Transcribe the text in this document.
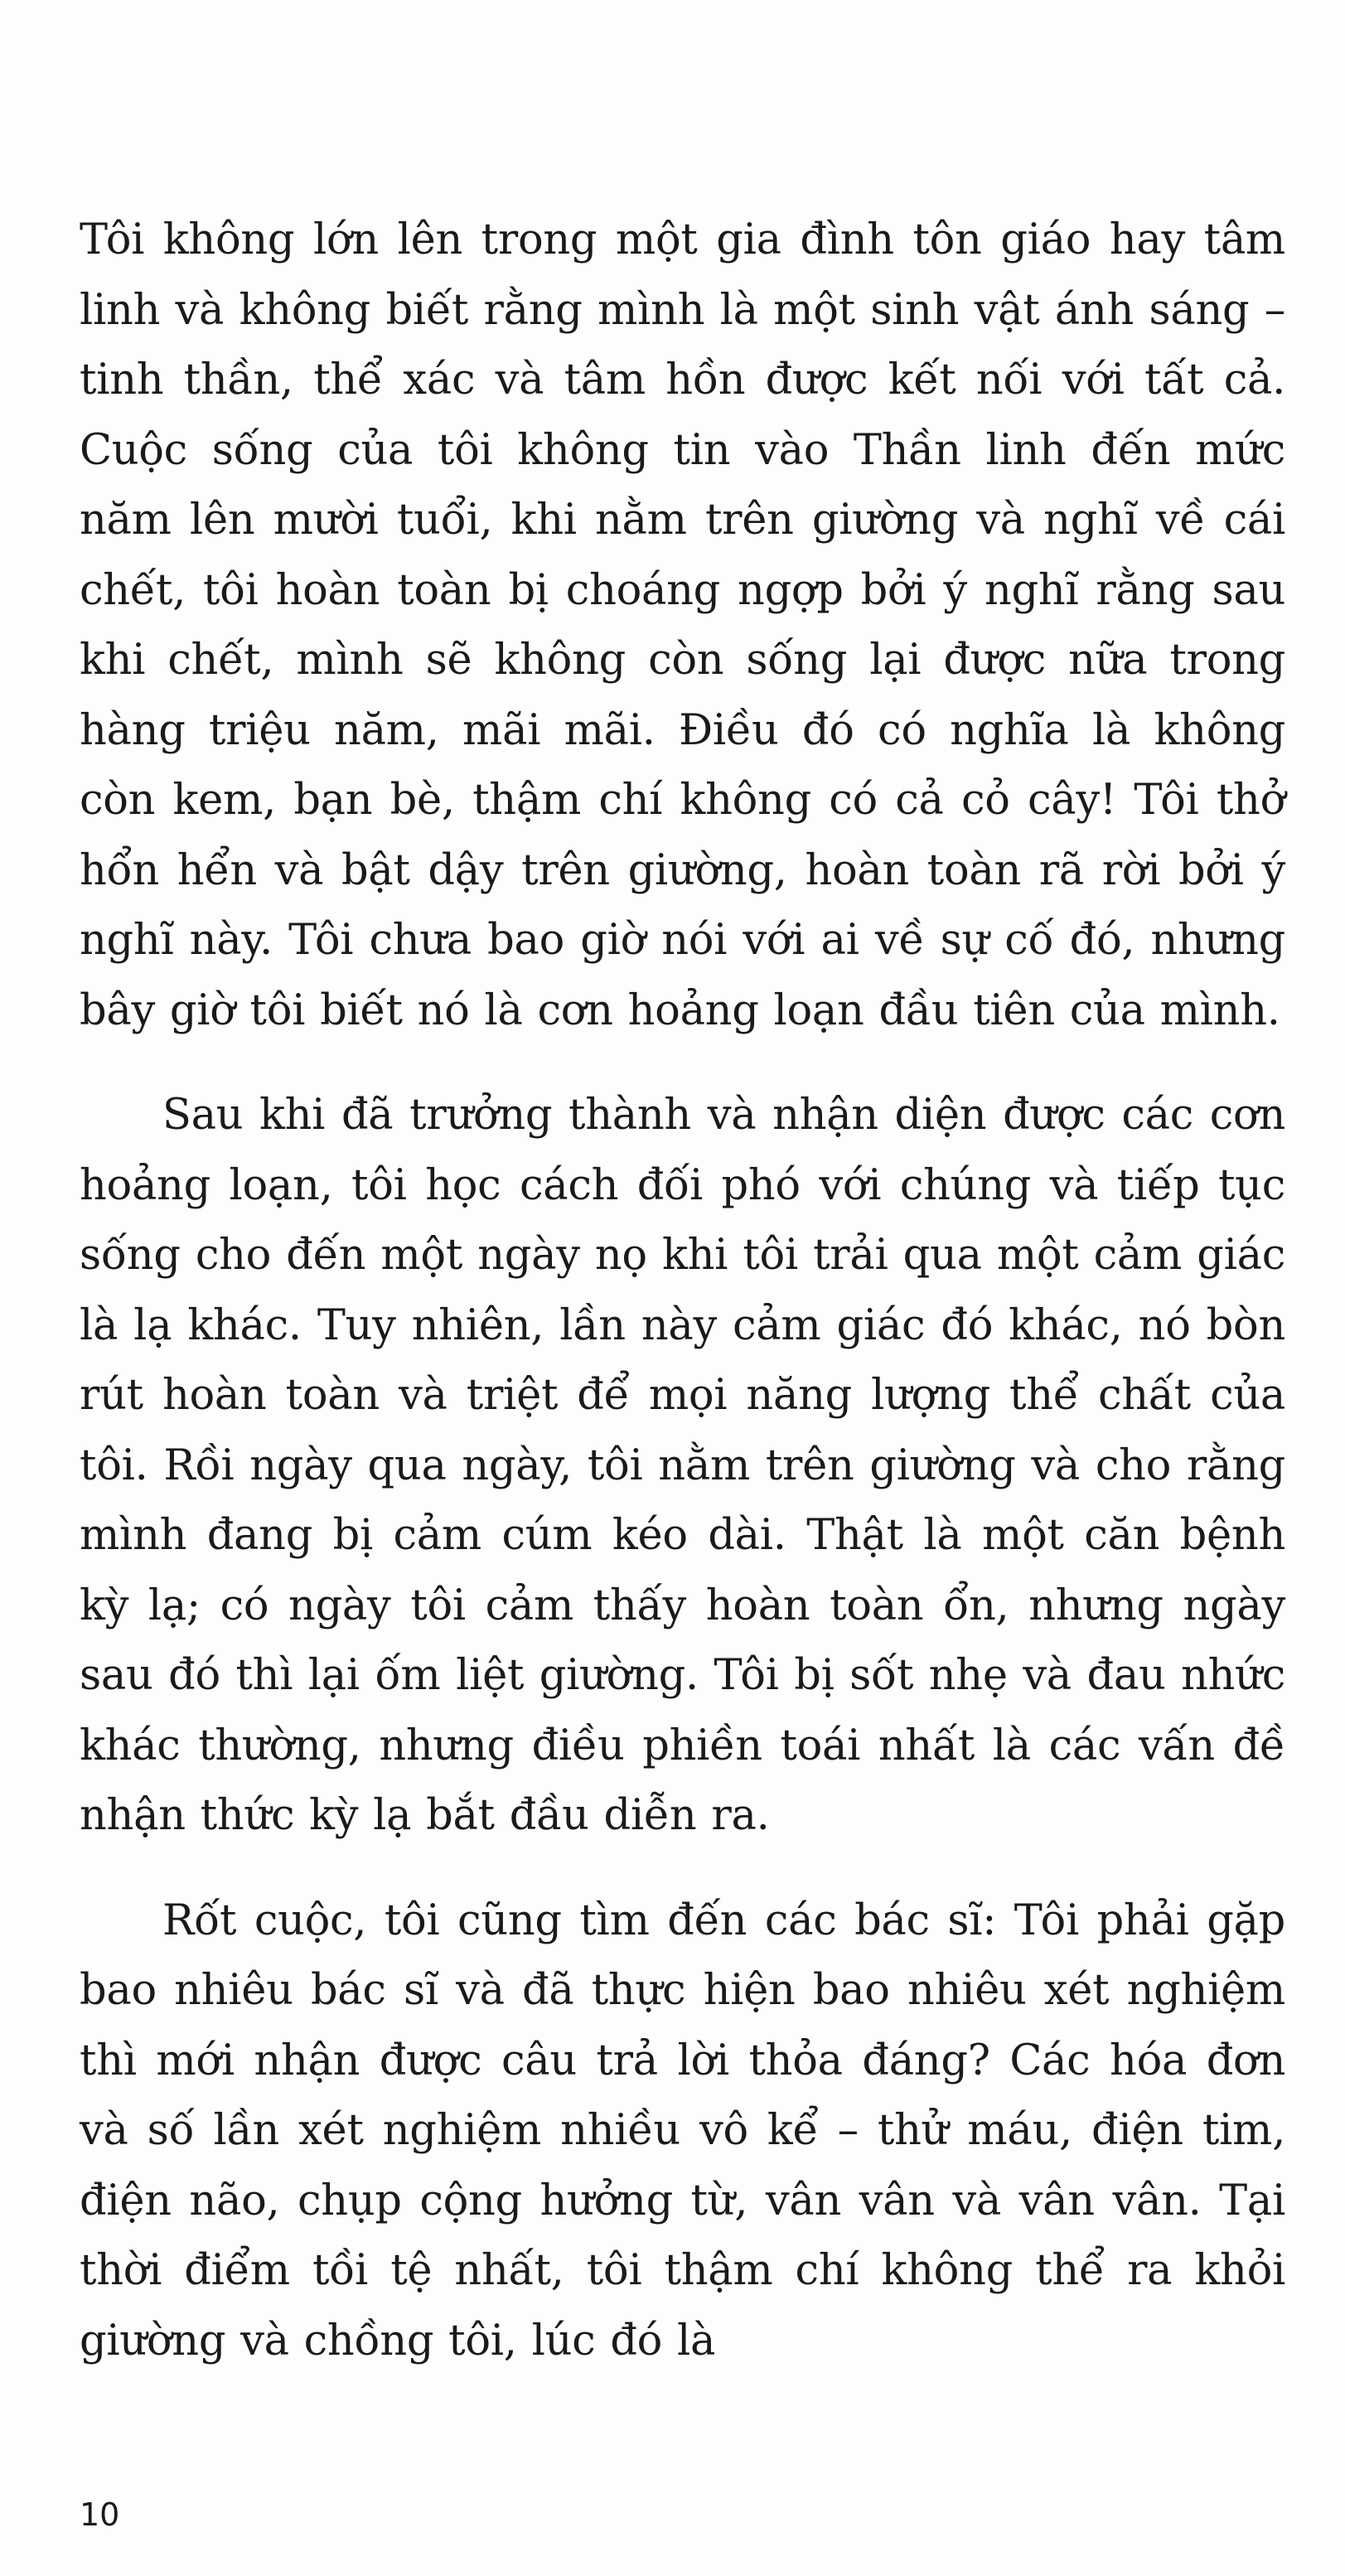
Tôi không lớn lên trong một gia đình tôn giáo hay tâm linh và không biết rằng mình là một sinh vật ánh sáng – tinh thần, thể xác và tâm hồn được kết nối với tất cả. Cuộc sống của tôi không tin vào Thần linh đến mức năm lên mười tuổi, khi nằm trên giường và nghĩ về cái chết, tôi hoàn toàn bị choáng ngợp bởi ý nghĩ rằng sau khi chết, mình sẽ không còn sống lại được nữa trong hàng triệu năm, mãi mãi. Điều đó có nghĩa là không còn kem, bạn bè, thậm chí không có cả cỏ cây! Tôi thở hổn hển và bật dậy trên giường, hoàn toàn rã rời bởi ý nghĩ này. Tôi chưa bao giờ nói với ai về sự cố đó, nhưng bây giờ tôi biết nó là cơn hoảng loạn đầu tiên của mình.

Sau khi đã trưởng thành và nhận diện được các cơn hoảng loạn, tôi học cách đối phó với chúng và tiếp tục sống cho đến một ngày nọ khi tôi trải qua một cảm giác là lạ khác. Tuy nhiên, lần này cảm giác đó khác, nó bòn rút hoàn toàn và triệt để mọi năng lượng thể chất của tôi. Rồi ngày qua ngày, tôi nằm trên giường và cho rằng mình đang bị cảm cúm kéo dài. Thật là một căn bệnh kỳ lạ; có ngày tôi cảm thấy hoàn toàn ổn, nhưng ngày sau đó thì lại ốm liệt giường. Tôi bị sốt nhẹ và đau nhức khác thường, nhưng điều phiền toái nhất là các vấn đề nhận thức kỳ lạ bắt đầu diễn ra.

Rốt cuộc, tôi cũng tìm đến các bác sĩ: Tôi phải gặp bao nhiêu bác sĩ và đã thực hiện bao nhiêu xét nghiệm thì mới nhận được câu trả lời thỏa đáng? Các hóa đơn và số lần xét nghiệm nhiều vô kể – thử máu, điện tim, điện não, chụp cộng hưởng từ, vân vân và vân vân. Tại thời điểm tồi tệ nhất, tôi thậm chí không thể ra khỏi giường và chồng tôi, lúc đó là

10
